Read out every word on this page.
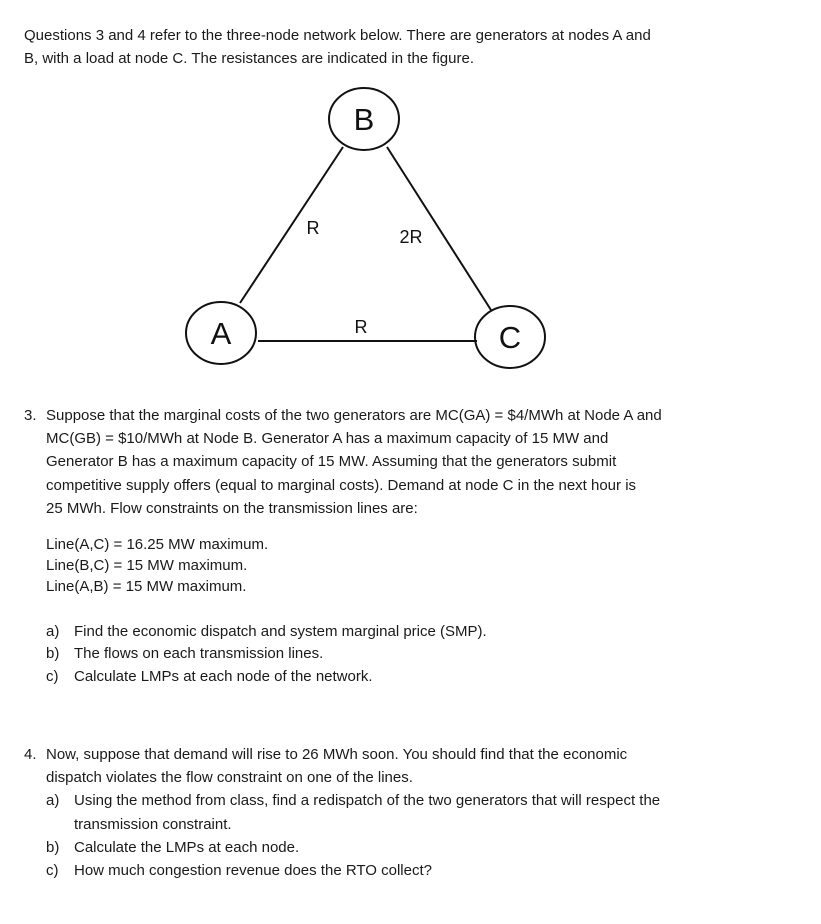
Questions 3 and 4 refer to the three-node network below. There are generators at nodes A and
B, with a load at node C. The resistances are indicated in the figure.
B
A	C
R	2R
R
3. Suppose that the marginal costs of the two generators are MC(GA) = $4/MWh at Node A and
MC(GB) = $10/MWh at Node B. Generator A has a maximum capacity of 15 MW and
Generator B has a maximum capacity of 15 MW. Assuming that the generators submit
competitive supply offers (equal to marginal costs). Demand at node C in the next hour is
25 MWh. Flow constraints on the transmission lines are:
Line(A,C) = 16.25 MW maximum.
Line(B,C) = 15 MW maximum.
Line(A,B) = 15 MW maximum.
a) Find the economic dispatch and system marginal price (SMP).
b) The flows on each transmission lines.
c) Calculate LMPs at each node of the network.
4. Now, suppose that demand will rise to 26 MWh soon. You should find that the economic
dispatch violates the flow constraint on one of the lines.
a) Using the method from class, find a redispatch of the two generators that will respect the
transmission constraint.
b) Calculate the LMPs at each node.
c) How much congestion revenue does the RTO collect?
